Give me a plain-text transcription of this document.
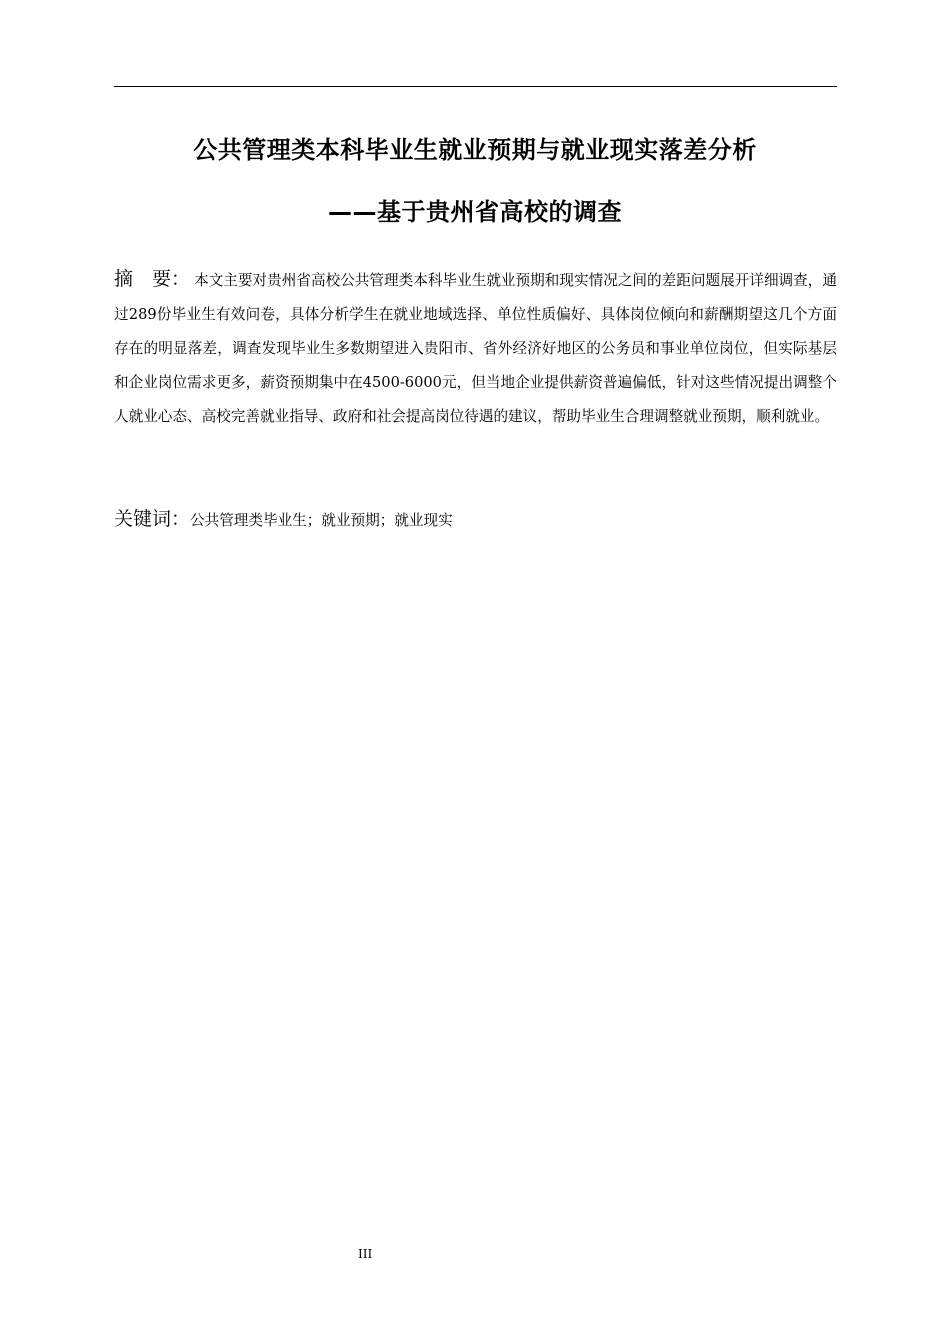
公共管理类本科毕业生就业预期与就业现实落差分析
——基于贵州省高校的调查
摘　要： 本文主要对贵州省高校公共管理类本科毕业生就业预期和现实情况之间的差距问题展开详细调查，通过289份毕业生有效问卷，具体分析学生在就业地域选择、单位性质偏好、具体岗位倾向和薪酬期望这几个方面存在的明显落差，调查发现毕业生多数期望进入贵阳市、省外经济好地区的公务员和事业单位岗位，但实际基层和企业岗位需求更多，薪资预期集中在4500-6000元，但当地企业提供薪资普遍偏低，针对这些情况提出调整个人就业心态、高校完善就业指导、政府和社会提高岗位待遇的建议，帮助毕业生合理调整就业预期，顺利就业。
关键词：公共管理类毕业生；就业预期；就业现实
III
